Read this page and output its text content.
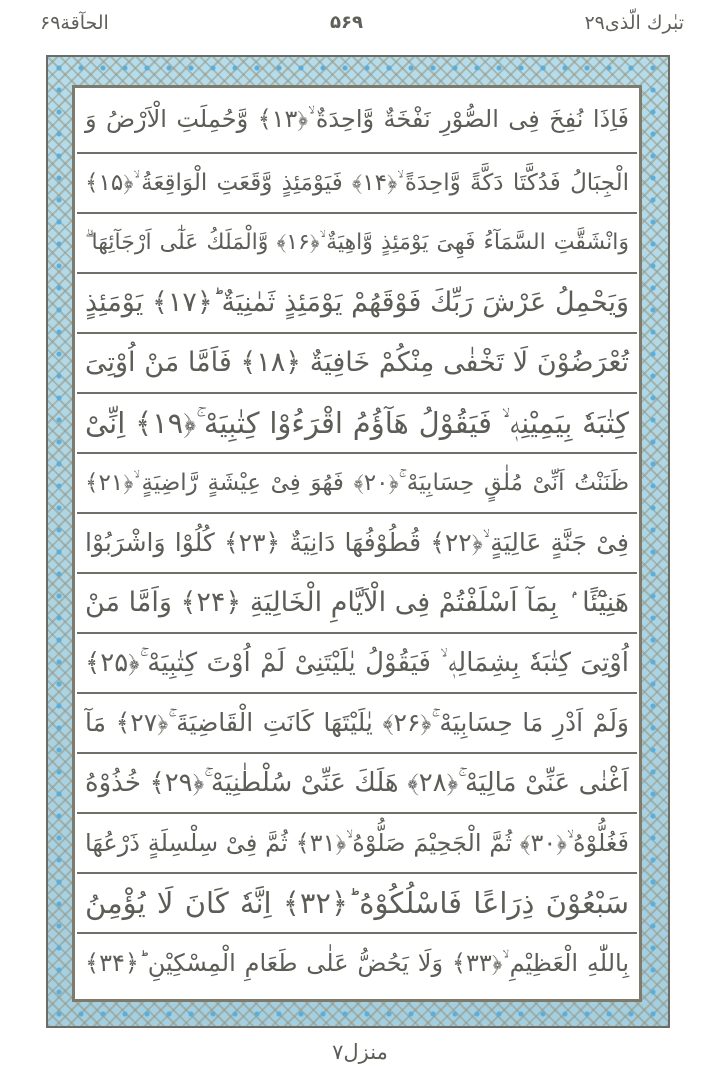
الحآقة۶۹	۵۶۹	تبٰرك الّذى۲۹
فَاِذَا نُفِخَ فِى الصُّوْرِ نَفْخَةٌ وَّاحِدَةٌ ۙ﴿۱۳﴾ وَّحُمِلَتِ الْاَرْضُ وَ
الْجِبَالُ فَدُكَّتَا دَكَّةً وَّاحِدَةً ۙ﴿۱۴﴾ فَيَوْمَئِذٍ وَّقَعَتِ الْوَاقِعَةُ ۙ﴿۱۵﴾
وَانْشَقَّتِ السَّمَآءُ فَهِىَ يَوْمَئِذٍ وَّاهِيَةٌ ۙ﴿۱۶﴾ وَّالْمَلَكُ عَلٰٓى اَرْجَآئِهَا ۗ
وَيَحْمِلُ عَرْشَ رَبِّكَ فَوْقَهُمْ يَوْمَئِذٍ ثَمٰنِيَةٌ ؕ﴿۱۷﴾ يَوْمَئِذٍ
تُعْرَضُوْنَ لَا تَخْفٰى مِنْكُمْ خَافِيَةٌ ﴿۱۸﴾ فَاَمَّا مَنْ اُوْتِىَ
كِتٰبَهٗ بِيَمِيْنِهٖ ۙ فَيَقُوْلُ هَآؤُمُ اقْرَءُوْا كِتٰبِيَهْ ۚ﴿۱۹﴾ اِنِّىْ
ظَنَنْتُ اَنِّىْ مُلٰقٍ حِسَابِيَهْ ۚ﴿۲۰﴾ فَهُوَ فِىْ عِيْشَةٍ رَّاضِيَةٍ ۙ﴿۲۱﴾
فِىْ جَنَّةٍ عَالِيَةٍ ۙ﴿۲۲﴾ قُطُوْفُهَا دَانِيَةٌ ﴿۲۳﴾ كُلُوْا وَاشْرَبُوْا
هَنِيْٓئًا ۢ بِمَآ اَسْلَفْتُمْ فِى الْاَيَّامِ الْخَالِيَةِ ﴿۲۴﴾ وَاَمَّا مَنْ
اُوْتِىَ كِتٰبَهٗ بِشِمَالِهٖ ۙ فَيَقُوْلُ يٰلَيْتَنِىْ لَمْ اُوْتَ كِتٰبِيَهْ ۚ﴿۲۵﴾
وَلَمْ اَدْرِ مَا حِسَابِيَهْ ۚ﴿۲۶﴾ يٰلَيْتَهَا كَانَتِ الْقَاضِيَةَ ۚ﴿۲۷﴾ مَآ
اَغْنٰى عَنِّىْ مَالِيَهْ ۚ﴿۲۸﴾ هَلَكَ عَنِّىْ سُلْطٰنِيَهْ ۚ﴿۲۹﴾ خُذُوْهُ
فَغُلُّوْهُ ۙ﴿۳۰﴾ ثُمَّ الْجَحِيْمَ صَلُّوْهُ ۙ﴿۳۱﴾ ثُمَّ فِىْ سِلْسِلَةٍ ذَرْعُهَا
سَبْعُوْنَ ذِرَاعًا فَاسْلُكُوْهُ ؕ﴿۳۲﴾ اِنَّهٗ كَانَ لَا يُؤْمِنُ
بِاللّٰهِ الْعَظِيْمِ ۙ﴿۳۳﴾ وَلَا يَحُضُّ عَلٰى طَعَامِ الْمِسْكِيْنِ ؕ﴿۳۴﴾
منزل۷
